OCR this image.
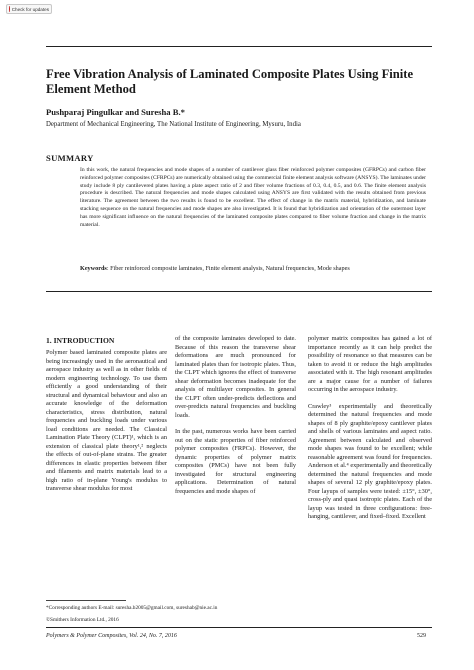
Check for updates
Free Vibration Analysis of Laminated Composite Plates Using Finite Element Method
Pushparaj Pingulkar and Suresha B.*
Department of Mechanical Engineering, The National Institute of Engineering, Mysuru, India
SUMMARY
In this work, the natural frequencies and mode shapes of a number of cantilever glass fiber reinforced polymer composites (GFRPCs) and carbon fiber reinforced polymer composites (CFRPCs) are numerically obtained using the commercial finite element analysis software (ANSYS). The laminates under study include 8 ply cantilevered plates having a plate aspect ratio of 2 and fiber volume fractions of 0.3, 0.4, 0.5, and 0.6. The finite element analysis procedure is described. The natural frequencies and mode shapes calculated using ANSYS are first validated with the results obtained from previous literature. The agreement between the two results is found to be excellent. The effect of change in the matrix material, hybridization, and laminate stacking sequence on the natural frequencies and mode shapes are also investigated. It is found that hybridization and orientation of the outermost layer has more significant influence on the natural frequencies of the laminated composite plates compared to fiber volume fraction and change in the matrix material.
Keywords: Fiber reinforced composite laminates, Finite element analysis, Natural frequencies, Mode shapes
1. INTRODUCTION

Polymer based laminated composite plates are being increasingly used in the aeronautical and aerospace industry as well as in other fields of modern engineering technology. To use them efficiently a good understanding of their structural and dynamical behaviour and also an accurate knowledge of the deformation characteristics, stress distribution, natural frequencies and buckling loads under various load conditions are needed. The Classical Lamination Plate Theory (CLPT)¹, which is an extension of classical plate theory¹,² neglects the effects of out-of-plane strains. The greater differences in elastic properties between fiber and filaments and matrix materials lead to a high ratio of in-plane Young's modulus to transverse shear modulus for most

of the composite laminates developed to date. Because of this reason the transverse shear deformations are much pronounced for laminated plates than for isotropic plates. Thus, the CLPT which ignores the effect of transverse shear deformation becomes inadequate for the analysis of multilayer composites. In general the CLPT often under-predicts deflections and over-predicts natural frequencies and buckling loads.

In the past, numerous works have been carried out on the static properties of fiber reinforced polymer composites (FRPCs). However, the dynamic properties of polymer matrix composites (PMCs) have not been fully investigated for structural engineering applications. Determination of natural frequencies and mode shapes of

polymer matrix composites has gained a lot of importance recently as it can help predict the possibility of resonance so that measures can be taken to avoid it or reduce the high amplitudes associated with it. The high resonant amplitudes are a major cause for a number of failures occurring in the aerospace industry.

Crawley³ experimentally and theoretically determined the natural frequencies and mode shapes of 8 ply graphite/epoxy cantilever plates and shells of various laminates and aspect ratio. Agreement between calculated and observed mode shapes was found to be excellent; while reasonable agreement was found for frequencies. Anderson et al.⁴ experimentally and theoretically determined the natural frequencies and mode shapes of several 12 ply graphite/epoxy plates. Four layups of samples were tested: ±15°, ±30°, cross-ply and quasi isotropic plates. Each of the layup was tested in three configurations: free-hanging, cantilever, and fixed–fixed. Excellent

*Corresponding authors E-mail: suresha.b2005@gmail.com, sureshab@nie.ac.in
©Smithers Information Ltd., 2016
Polymers & Polymer Composites, Vol. 24, No. 7, 2016	529
